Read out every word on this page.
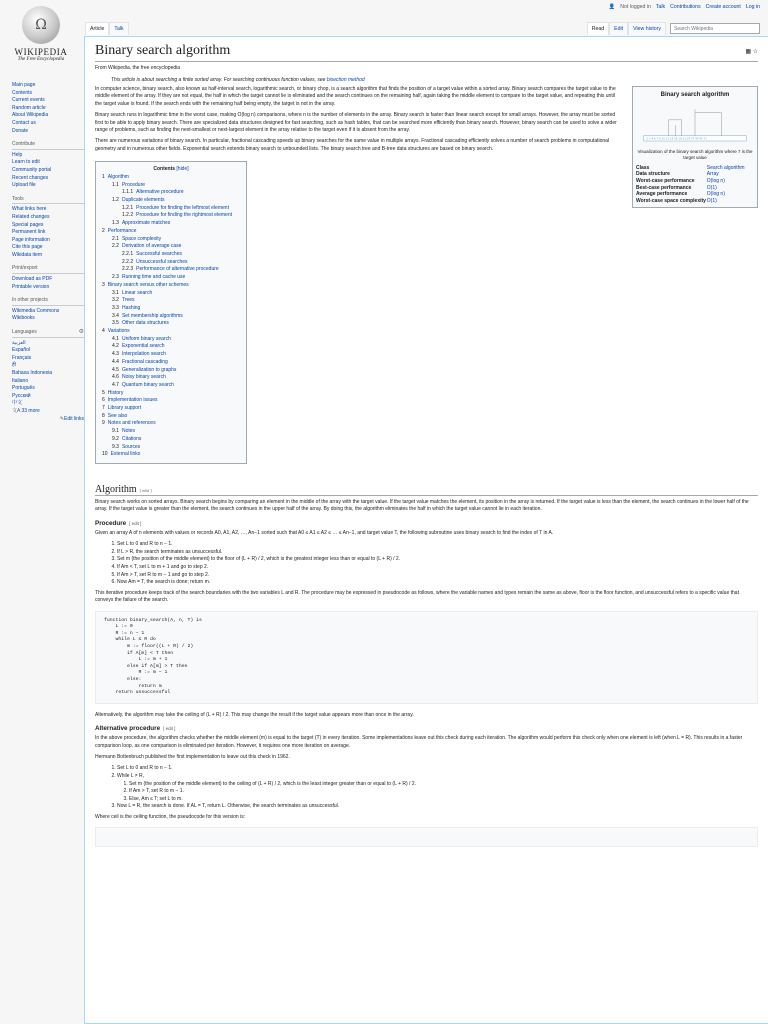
👤 Not logged in Talk Contributions Create account Log in
Ω
WIKIPEDIA
The Free Encyclopedia
Main page
Contents
Current events
Random article
About Wikipedia
Contact us
Donate
Contribute
Help
Learn to edit
Community portal
Recent changes
Upload file
Tools
What links here
Related changes
Special pages
Permanent link
Page information
Cite this page
Wikidata item
Print/export
Download as PDF
Printable version
In other projects
Wikimedia Commons
Wikibooks
Languages	⚙
العربية
Español
Français
ही
Bahasa Indonesia
Italiano
Português
Русский
中文
文A 33 more
✎Edit links
Article	Talk	Read	Edit	View history	Search Wikipedia
Binary search algorithm	▦ ☆
From Wikipedia, the free encyclopedia
This article is about searching a finite sorted array. For searching continuous function values, see bisection method
Binary search algorithm
1 3 4 6 7 8 10 13 14 18 19 21 24 37 40 45 71
Visualization of the binary search algorithm where 7 is the target value
Class	Search algorithm
Data structure	Array
Worst-case performance	O(log n)
Best-case performance	O(1)
Average performance	O(log n)
Worst-case space complexity	O(1)

In computer science, binary search, also known as half-interval search, logarithmic search, or binary chop, is a search algorithm that finds the position of a target value within a sorted array. Binary search compares the target value to the middle element of the array. If they are not equal, the half in which the target cannot lie is eliminated and the search continues on the remaining half, again taking the middle element to compare to the target value, and repeating this until the target value is found. If the search ends with the remaining half being empty, the target is not in the array.

Binary search runs in logarithmic time in the worst case, making O(log n) comparisons, where n is the number of elements in the array. Binary search is faster than linear search except for small arrays. However, the array must be sorted first to be able to apply binary search. There are specialized data structures designed for fast searching, such as hash tables, that can be searched more efficiently than binary search. However, binary search can be used to solve a wider range of problems, such as finding the next-smallest or next-largest element in the array relative to the target even if it is absent from the array.

There are numerous variations of binary search. In particular, fractional cascading speeds up binary searches for the same value in multiple arrays. Fractional cascading efficiently solves a number of search problems in computational geometry and in numerous other fields. Exponential search extends binary search to unbounded lists. The binary search tree and B-tree data structures are based on binary search.

Contents [hide]
1 Algorithm
1.1 Procedure
1.1.1 Alternative procedure
1.2 Duplicate elements
1.2.1 Procedure for finding the leftmost element
1.2.2 Procedure for finding the rightmost element
1.3 Approximate matches
2 Performance
2.1 Space complexity
2.2 Derivation of average case
2.2.1 Successful searches
2.2.2 Unsuccessful searches
2.2.3 Performance of alternative procedure
2.3 Running time and cache use
3 Binary search versus other schemes
3.1 Linear search
3.2 Trees
3.3 Hashing
3.4 Set membership algorithms
3.5 Other data structures
4 Variations
4.1 Uniform binary search
4.2 Exponential search
4.3 Interpolation search
4.4 Fractional cascading
4.5 Generalization to graphs
4.6 Noisy binary search
4.7 Quantum binary search
5 History
6 Implementation issues
7 Library support
8 See also
9 Notes and references
9.1 Notes
9.2 Citations
9.3 Sources
10 External links
Algorithm [ edit ]

Binary search works on sorted arrays. Binary search begins by comparing an element in the middle of the array with the target value. If the target value matches the element, its position in the array is returned. If the target value is less than the element, the search continues in the lower half of the array. If the target value is greater than the element, the search continues in the upper half of the array. By doing this, the algorithm eliminates the half in which the target value cannot lie in each iteration.

Procedure [ edit ]

Given an array A of n elements with values or records A0, A1, A2, …, An−1 sorted such that A0 ≤ A1 ≤ A2 ≤ … ≤ An−1, and target value T, the following subroutine uses binary search to find the index of T in A.

1. Set L to 0 and R to n − 1.
2. If L > R, the search terminates as unsuccessful.
3. Set m (the position of the middle element) to the floor of (L + R) / 2, which is the greatest integer less than or equal to (L + R) / 2.
4. If Am < T, set L to m + 1 and go to step 2.
5. If Am > T, set R to m − 1 and go to step 2.
6. Now Am = T, the search is done; return m.

This iterative procedure keeps track of the search boundaries with the two variables L and R. The procedure may be expressed in pseudocode as follows, where the variable names and types remain the same as above, floor is the floor function, and unsuccessful refers to a specific value that conveys the failure of the search.

function binary_search(A, n, T) is
L := 0
R := n − 1
while L ≤ R do
m := floor((L + R) / 2)
if A[m] < T then
L := m + 1
else if A[m] > T then
R := m − 1
else:
return m
return unsuccessful

Alternatively, the algorithm may take the ceiling of (L + R) / 2. This may change the result if the target value appears more than once in the array.

Alternative procedure [ edit ]

In the above procedure, the algorithm checks whether the middle element (m) is equal to the target (T) in every iteration. Some implementations leave out this check during each iteration. The algorithm would perform this check only when one element is left (when L = R). This results in a faster comparison loop, as one comparison is eliminated per iteration. However, it requires one more iteration on average.

Hermann Bottenbruch published the first implementation to leave out this check in 1962.

1. Set L to 0 and R to n − 1.
2. While L ≠ R,
1. Set m (the position of the middle element) to the ceiling of (L + R) / 2, which is the least integer greater than or equal to (L + R) / 2.
2. If Am > T, set R to m − 1.
3. Else, Am ≤ T; set L to m.
3. Now L = R, the search is done. If AL = T, return L. Otherwise, the search terminates as unsuccessful.

Where ceil is the ceiling function, the pseudocode for this version is:
